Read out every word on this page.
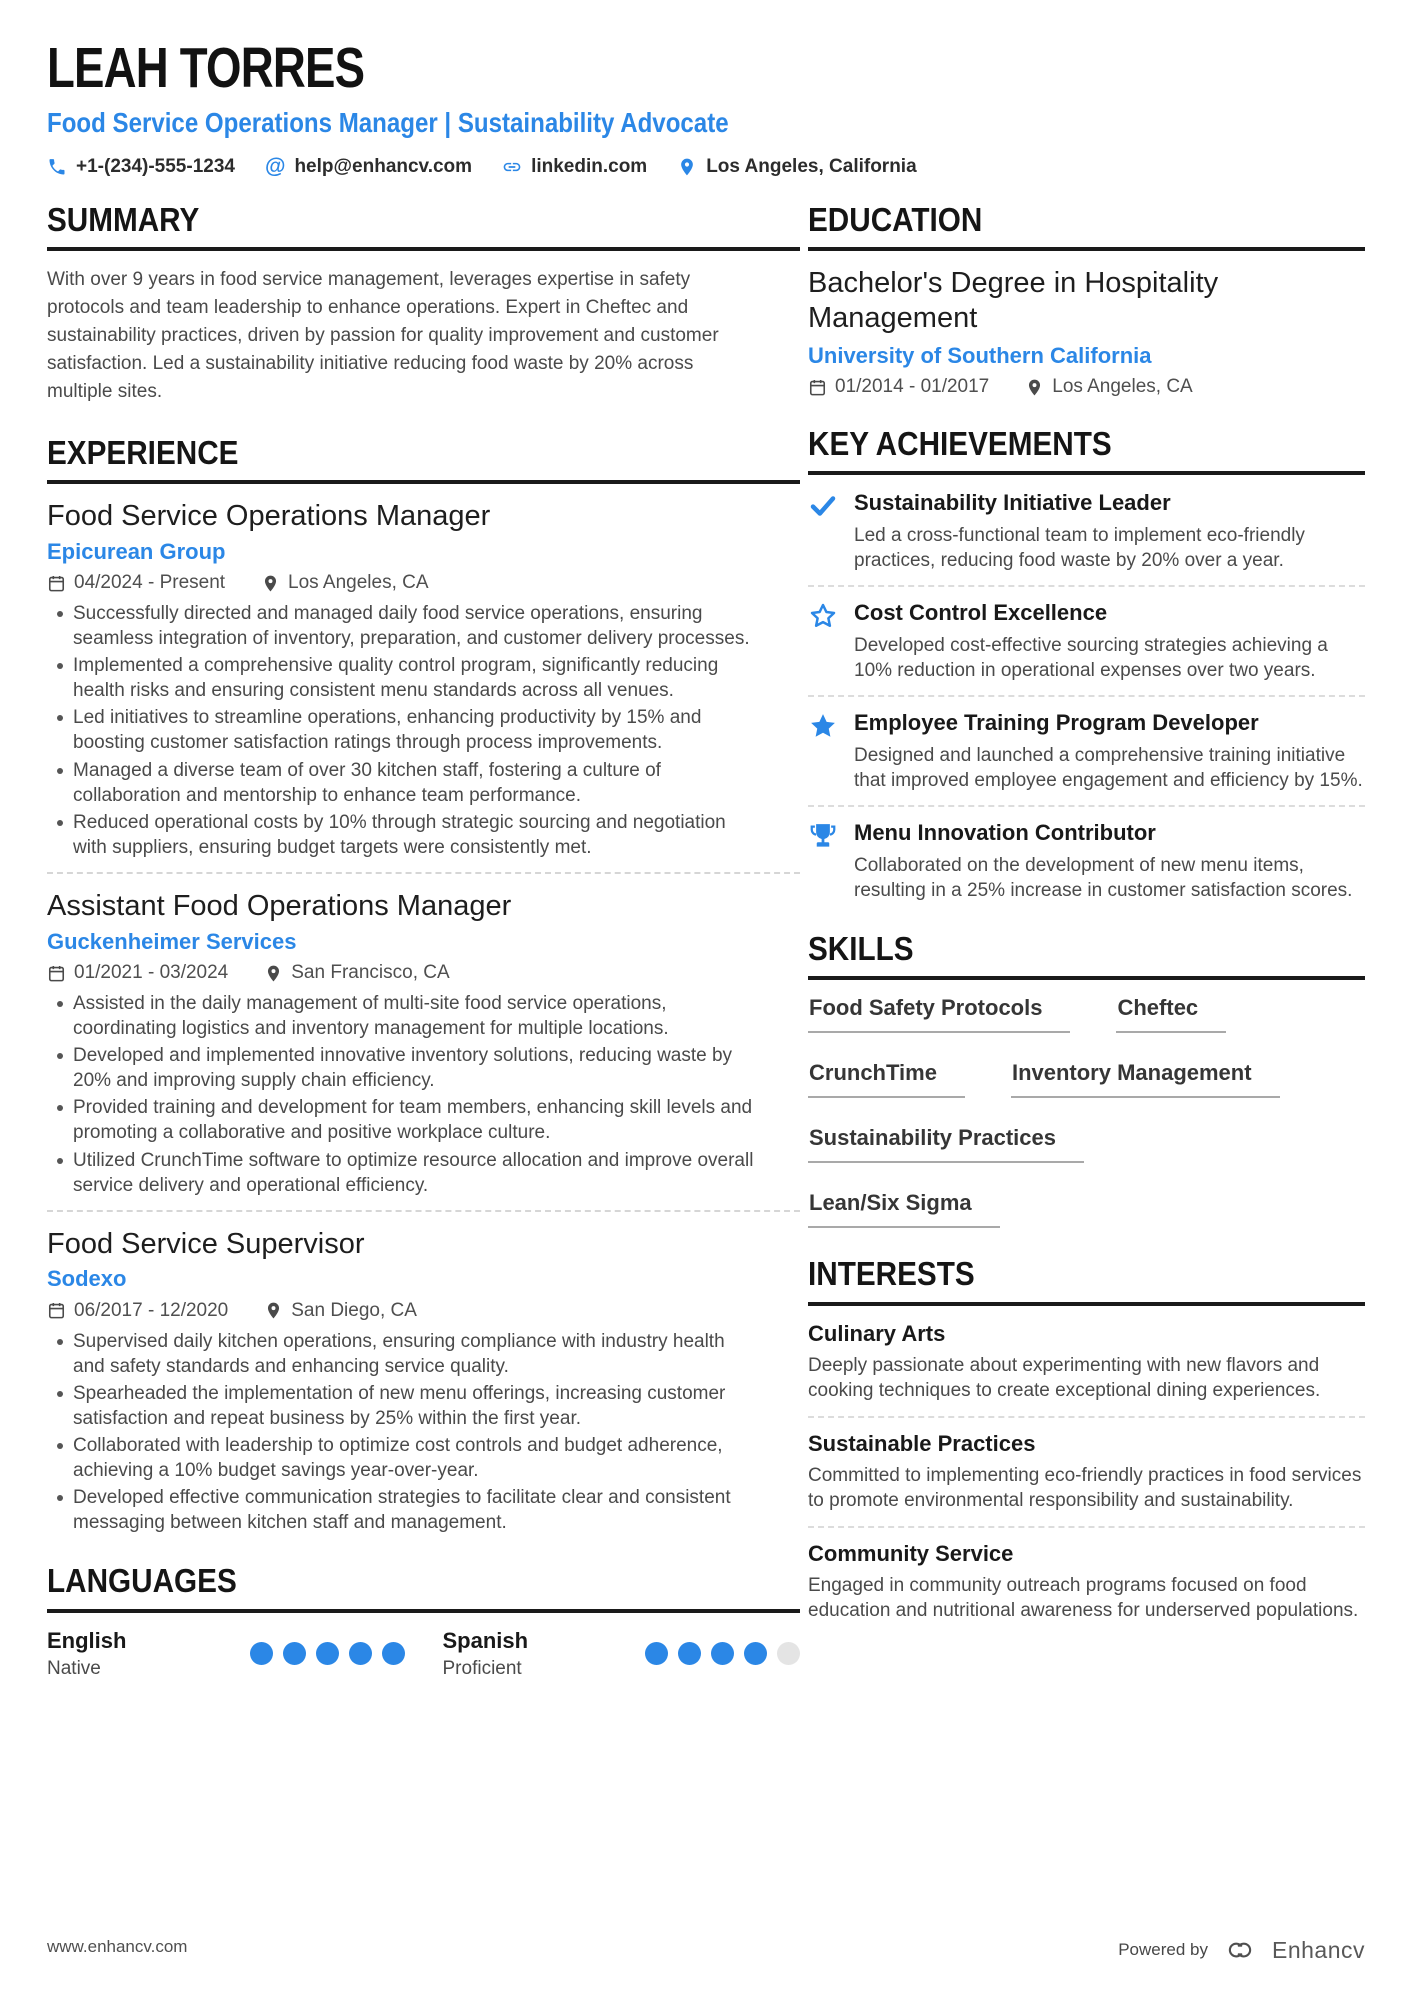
LEAH TORRES
Food Service Operations Manager | Sustainability Advocate
+1-(234)-555-1234 @ help@enhancv.com	linkedin.com	Los Angeles, California
SUMMARY

With over 9 years in food service management, leverages expertise in safety protocols and team leadership to enhance operations. Expert in Cheftec and sustainability practices, driven by passion for quality improvement and customer satisfaction. Led a sustainability initiative reducing food waste by 20% across multiple sites.

EXPERIENCE
Food Service Operations Manager
Epicurean Group
04/2024 - Present	Los Angeles, CA
Successfully directed and managed daily food service operations, ensuring seamless integration of inventory, preparation, and customer delivery processes.
Implemented a comprehensive quality control program, significantly reducing health risks and ensuring consistent menu standards across all venues.
Led initiatives to streamline operations, enhancing productivity by 15% and boosting customer satisfaction ratings through process improvements.
Managed a diverse team of over 30 kitchen staff, fostering a culture of collaboration and mentorship to enhance team performance.
Reduced operational costs by 10% through strategic sourcing and negotiation with suppliers, ensuring budget targets were consistently met.
Assistant Food Operations Manager
Guckenheimer Services
01/2021 - 03/2024	San Francisco, CA
Assisted in the daily management of multi-site food service operations, coordinating logistics and inventory management for multiple locations.
Developed and implemented innovative inventory solutions, reducing waste by 20% and improving supply chain efficiency.
Provided training and development for team members, enhancing skill levels and promoting a collaborative and positive workplace culture.
Utilized CrunchTime software to optimize resource allocation and improve overall service delivery and operational efficiency.
Food Service Supervisor
Sodexo
06/2017 - 12/2020	San Diego, CA
Supervised daily kitchen operations, ensuring compliance with industry health and safety standards and enhancing service quality.
Spearheaded the implementation of new menu offerings, increasing customer satisfaction and repeat business by 25% within the first year.
Collaborated with leadership to optimize cost controls and budget adherence, achieving a 10% budget savings year-over-year.
Developed effective communication strategies to facilitate clear and consistent messaging between kitchen staff and management.
LANGUAGES
English
Native
Spanish
Proficient
EDUCATION
Bachelor's Degree in Hospitality Management
University of Southern California
01/2014 - 01/2017	Los Angeles, CA
KEY ACHIEVEMENTS
Sustainability Initiative Leader

Led a cross-functional team to implement eco-friendly practices, reducing food waste by 20% over a year.

Cost Control Excellence

Developed cost-effective sourcing strategies achieving a 10% reduction in operational expenses over two years.

Employee Training Program Developer

Designed and launched a comprehensive training initiative that improved employee engagement and efficiency by 15%.

Menu Innovation Contributor

Collaborated on the development of new menu items, resulting in a 25% increase in customer satisfaction scores.

SKILLS
Food Safety Protocols	Cheftec
CrunchTime	Inventory Management
Sustainability Practices
Lean/Six Sigma
INTERESTS
Culinary Arts

Deeply passionate about experimenting with new flavors and cooking techniques to create exceptional dining experiences.

Sustainable Practices

Committed to implementing eco-friendly practices in food services to promote environmental responsibility and sustainability.

Community Service

Engaged in community outreach programs focused on food education and nutritional awareness for underserved populations.

www.enhancv.com	Powered by	Enhancv
